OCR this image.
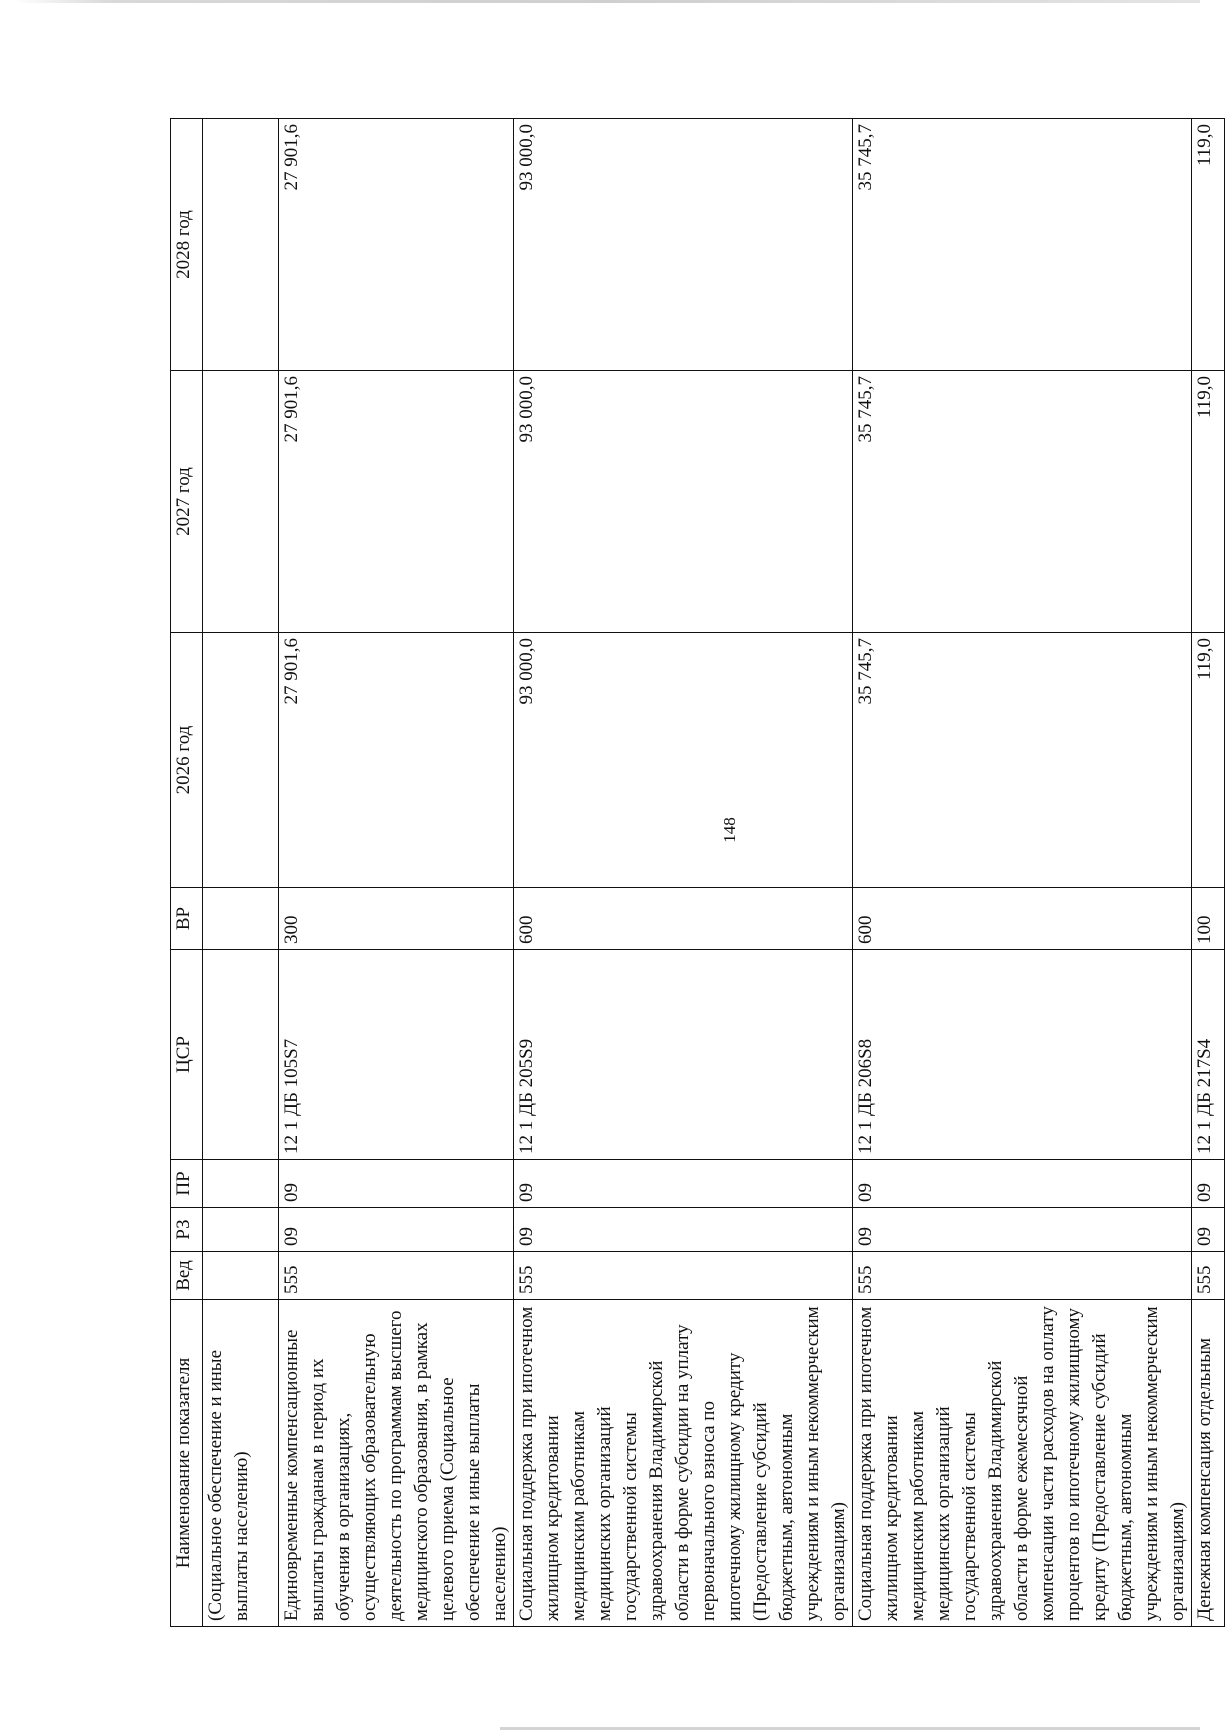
148
Наименование показателя	Вед	РЗ	ПР	ЦСР	ВР	2026 год	2027 год	2028 год
(Социальное обеспечение и иные выплаты населению)								
Единовременные компенсационные выплаты гражданам в период их обучения в организациях, осуществляющих образовательную деятельность по программам высшего медицинского образования, в рамках целевого приема (Социальное обеспечение и иные выплаты населению)	555	09	09	12 1 ДБ 105S7	300	27 901,6	27 901,6	27 901,6
Социальная поддержка при ипотечном жилищном кредитовании медицинским работникам медицинских организаций государственной системы здравоохранения Владимирской области в форме субсидии на уплату первоначального взноса по ипотечному жилищному кредиту (Предоставление субсидий бюджетным, автономным учреждениям и иным некоммерческим организациям)	555	09	09	12 1 ДБ 205S9	600	93 000,0	93 000,0	93 000,0
Социальная поддержка при ипотечном жилищном кредитовании медицинским работникам медицинских организаций государственной системы здравоохранения Владимирской области в форме ежемесячной компенсации части расходов на оплату процентов по ипотечному жилищному кредиту (Предоставление субсидий бюджетным, автономным учреждениям и иным некоммерческим организациям)	555	09	09	12 1 ДБ 206S8	600	35 745,7	35 745,7	35 745,7
Денежная компенсация отдельным	555	09	09	12 1 ДБ 217S4	100	119,0	119,0	119,0
